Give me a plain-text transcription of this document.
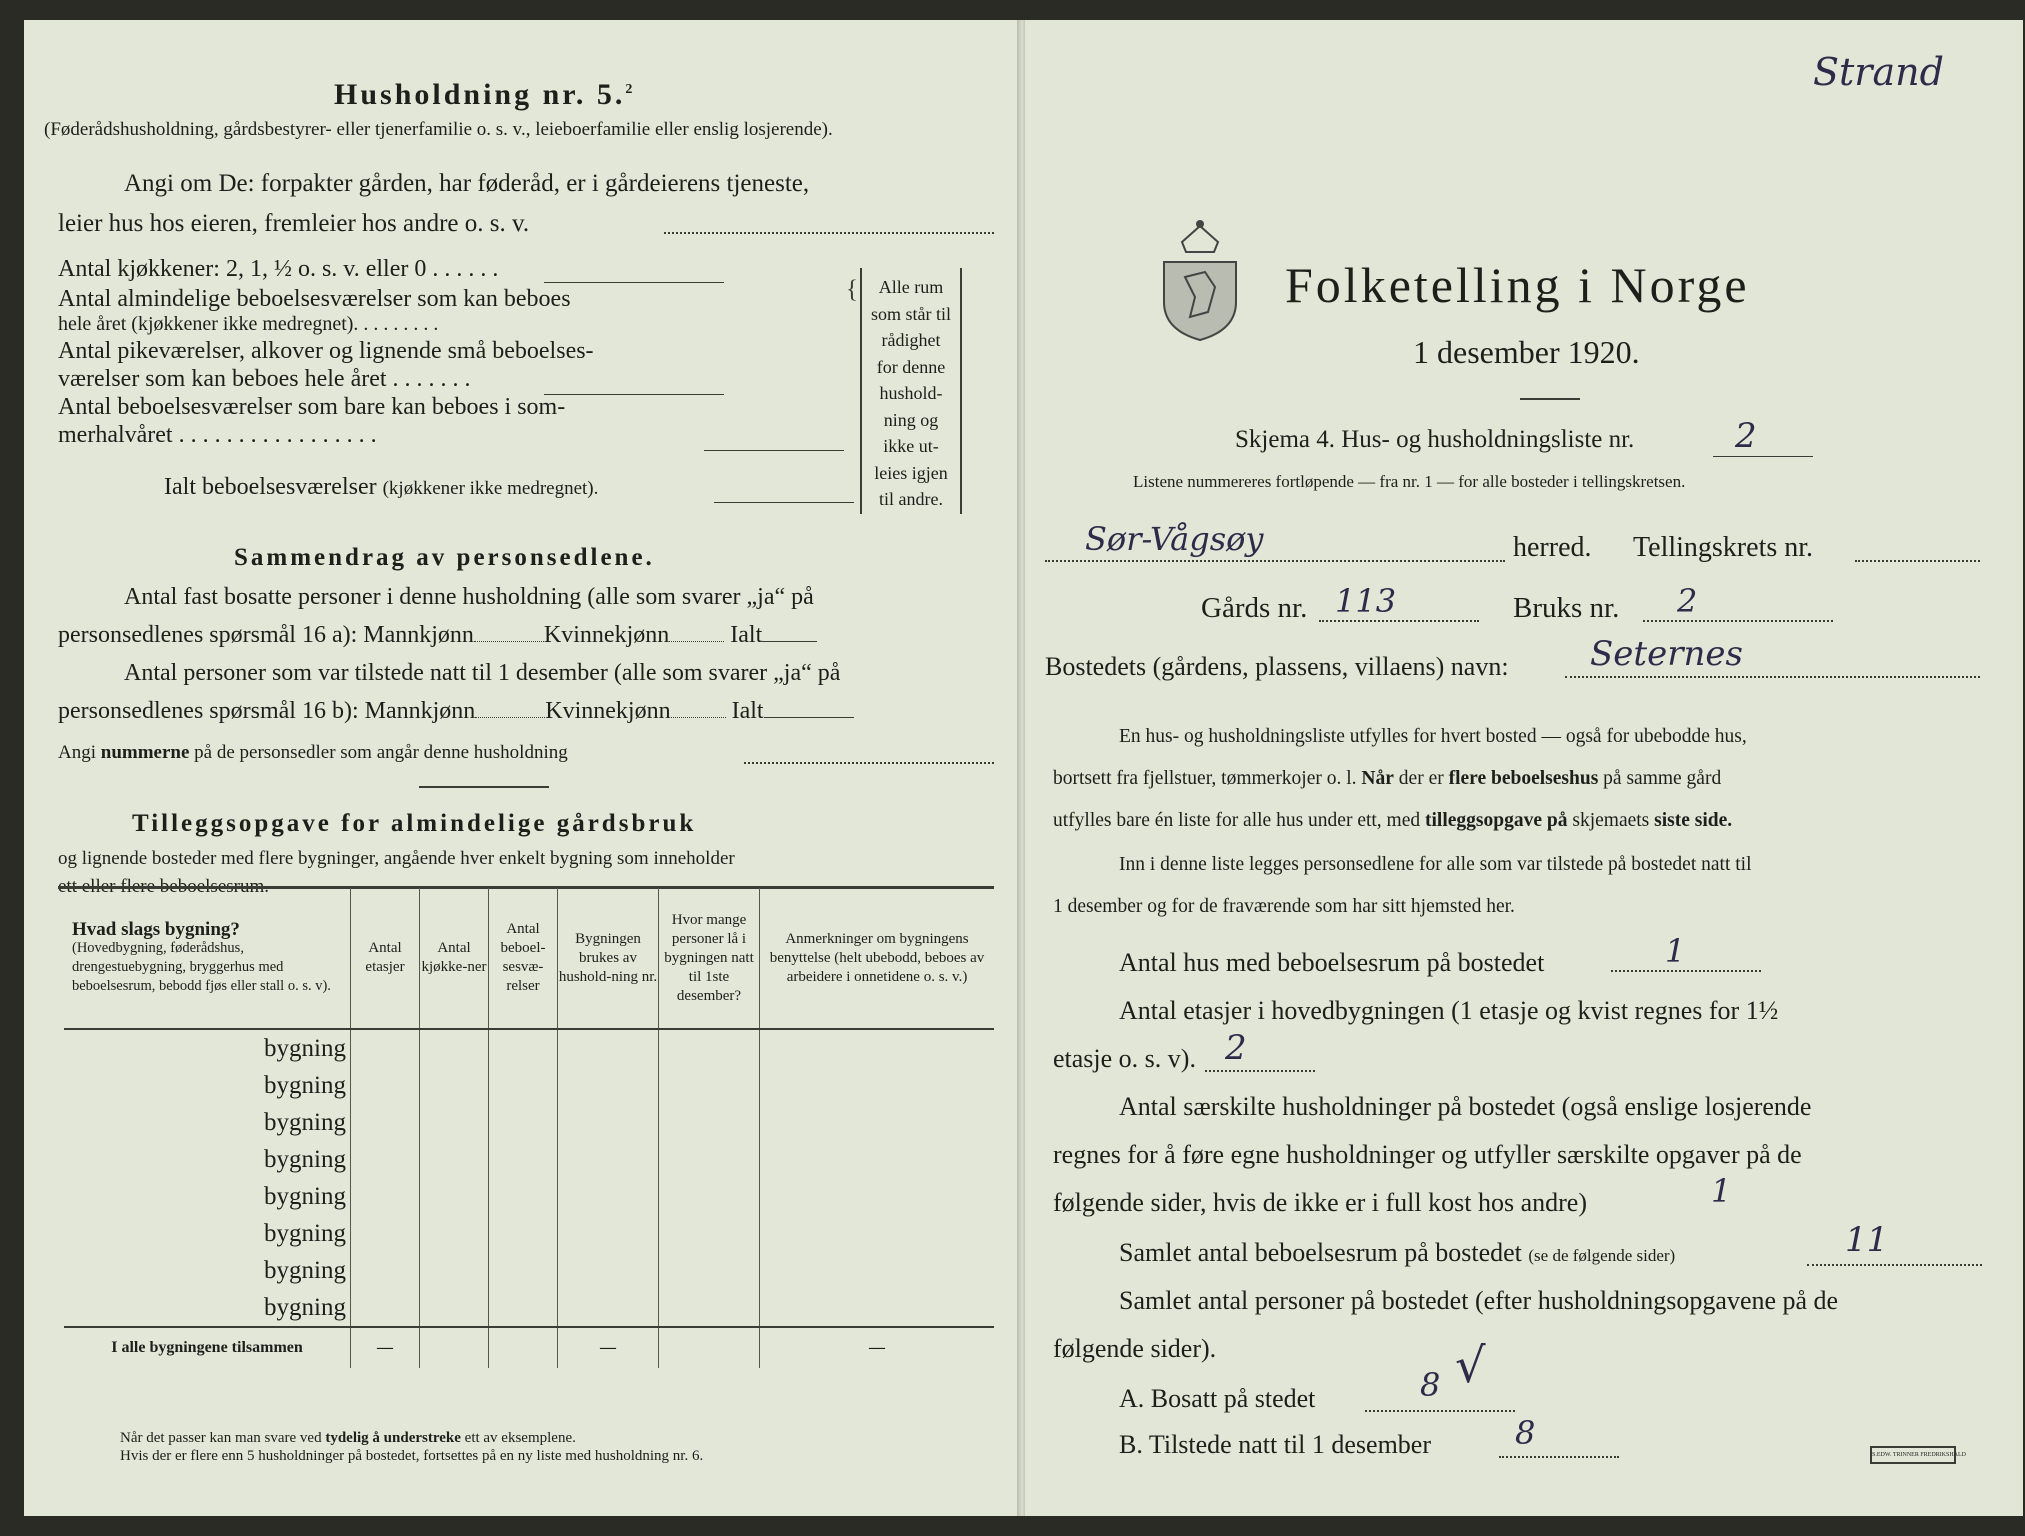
Husholdning nr. 5.$^2$
(Føderådshusholdning, gårdsbestyrer- eller tjenerfamilie o. s. v., leieboerfamilie eller enslig losjerende).
Angi om De: forpakter gården, har føderåd, er i gårdeierens tjeneste,
leier hus hos eieren, fremleier hos andre o. s. v.
Antal kjøkkener: 2, 1, ½ o. s. v. eller 0 . . . . . .
Antal almindelige beboelsesværelser som kan beboes
hele året (kjøkkener ikke medregnet). . . . . . . . .
Antal pikeværelser, alkover og lignende små beboelses-
værelser som kan beboes hele året . . . . . . .
Antal beboelsesværelser som bare kan beboes i som-
merhalvåret . . . . . . . . . . . . . . . . .
Ialt beboelsesværelser (kjøkkener ikke medregnet).
{	Alle rum
som står til
rådighet
for denne
hushold-
ning og
ikke ut-
leies igjen
til andre.
Sammendrag av personsedlene.
Antal fast bosatte personer i denne husholdning (alle som svarer „ja“ på
personsedlenes spørsmål 16 a): Mannkjønn	Kvinnekjønn	Ialt
Antal personer som var tilstede natt til 1 desember (alle som svarer „ja“ på
personsedlenes spørsmål 16 b): Mannkjønn	Kvinnekjønn	Ialt
Angi nummerne på de personsedler som angår denne husholdning
Tilleggsopgave for almindelige gårdsbruk
og lignende bosteder med flere bygninger, angående hver enkelt bygning som inneholder
ett eller flere beboelsesrum.
Hvad slags bygning?
(Hovedbygning, føderådshus, drengestuebygning, bryggerhus med beboelsesrum, bebodd fjøs eller stall o. s. v).	Antal etasjer	Antal kjøkke-ner	Antal beboel-sesvæ-relser	Bygningen brukes av hushold-ning nr.	Hvor mange personer lå i bygningen natt til 1ste desember?	Anmerkninger om bygningens benyttelse (helt ubebodd, beboes av arbeidere i onnetidene o. s. v.)
bygning						
bygning						
bygning						
bygning						
bygning						
bygning						
bygning						
bygning						
I alle bygningene tilsammen	—			—		—
Når det passer kan man svare ved tydelig å understreke ett av eksemplene.
Hvis der er flere enn 5 husholdninger på bostedet, fortsettes på en ny liste med husholdning nr. 6.
Strand
Folketelling i Norge
1 desember 1920.
Skjema 4. Hus- og husholdningsliste nr.	2
Listene nummereres fortløpende — fra nr. 1 — for alle bosteder i tellingskretsen.
Sør-Vågsøy	herred. Tellingskrets nr.
Gårds nr. 113	Bruks nr. 2
Bostedets (gårdens, plassens, villaens) navn: Seternes
En hus- og husholdningsliste utfylles for hvert bosted — også for ubebodde hus,
bortsett fra fjellstuer, tømmerkojer o. l. Når der er flere beboelseshus på samme gård
utfylles bare én liste for alle hus under ett, med tilleggsopgave på skjemaets siste side.
Inn i denne liste legges personsedlene for alle som var tilstede på bostedet natt til
1 desember og for de fraværende som har sitt hjemsted her.
Antal hus med beboelsesrum på bostedet	1
Antal etasjer i hovedbygningen (1 etasje og kvist regnes for 1½
etasje o. s. v). 2
Antal særskilte husholdninger på bostedet (også enslige losjerende
regnes for å føre egne husholdninger og utfyller særskilte opgaver på de
følgende sider, hvis de ikke er i full kost hos andre)	1
Samlet antal beboelsesrum på bostedet (se de følgende sider)	11
Samlet antal personer på bostedet (efter husholdningsopgavene på de
følgende sider).
A. Bosatt på stedet	8 √
B. Tilstede natt til 1 desember	8
S.EDW. TRINNER FREDRIKSHALD
